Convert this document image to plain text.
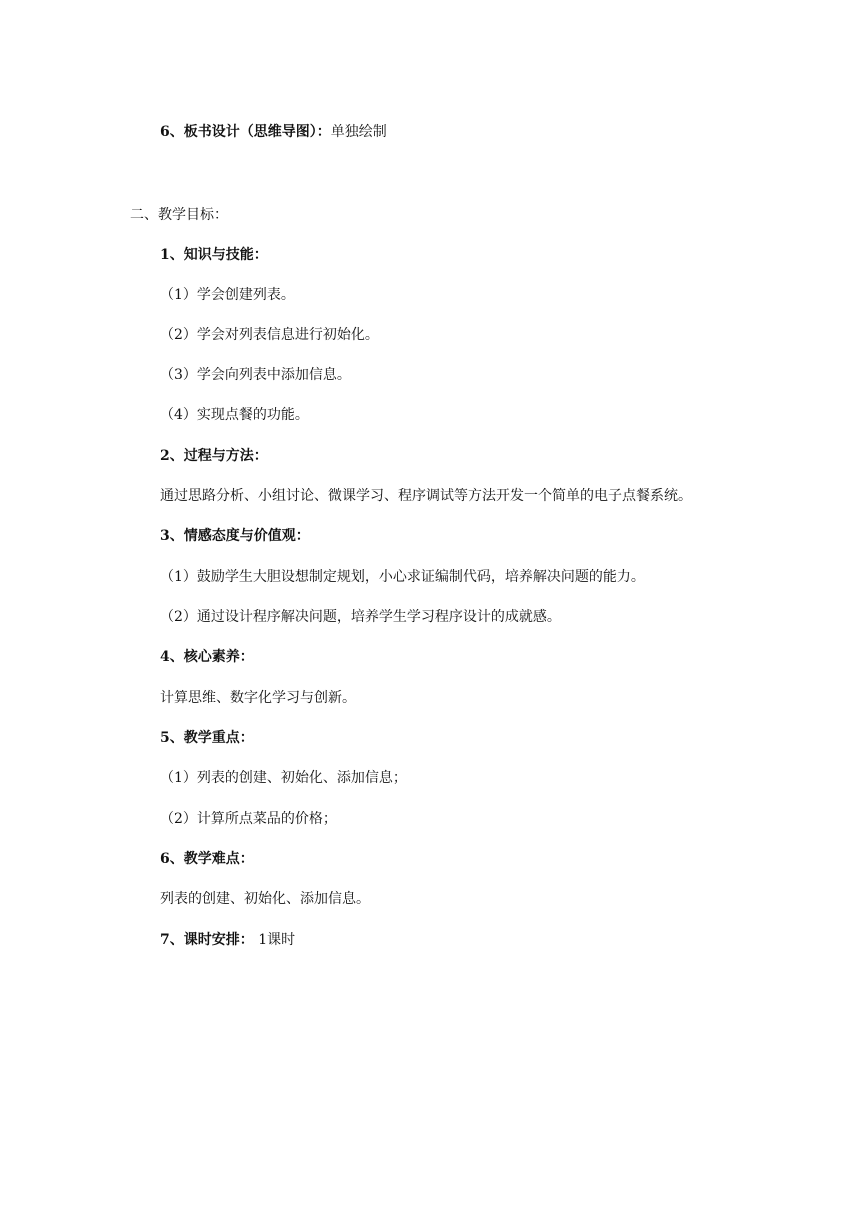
6、板书设计（思维导图）：单独绘制
二、教学目标：
1、知识与技能：
（1）学会创建列表。
（2）学会对列表信息进行初始化。
（3）学会向列表中添加信息。
（4）实现点餐的功能。
2、过程与方法：
通过思路分析、小组讨论、微课学习、程序调试等方法开发一个简单的电子点餐系统。
3、情感态度与价值观：
（1）鼓励学生大胆设想制定规划，小心求证编制代码，培养解决问题的能力。
（2）通过设计程序解决问题，培养学生学习程序设计的成就感。
4、核心素养：
计算思维、数字化学习与创新。
5、教学重点：
（1）列表的创建、初始化、添加信息；
（2）计算所点菜品的价格；
6、教学难点：
列表的创建、初始化、添加信息。
7、课时安排： 1课时
